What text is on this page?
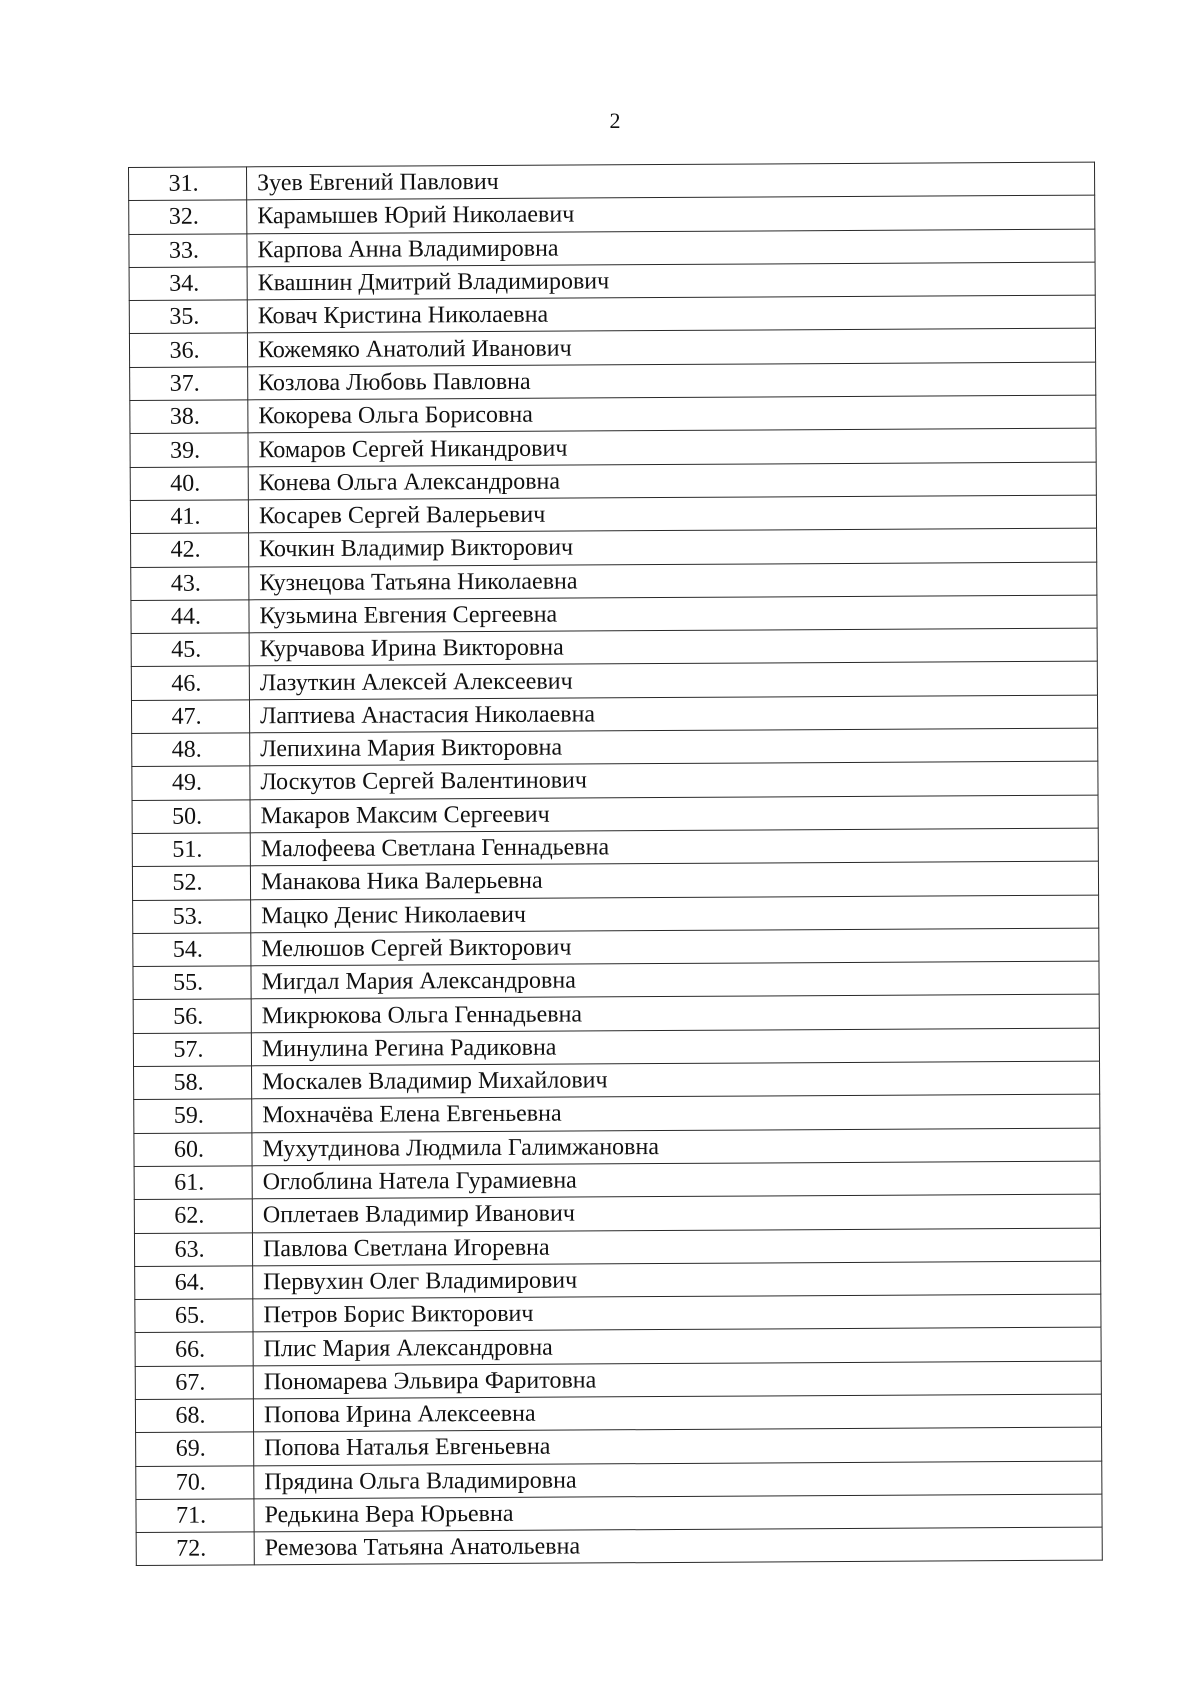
2
31.	Зуев Евгений Павлович
32.	Карамышев Юрий Николаевич
33.	Карпова Анна Владимировна
34.	Квашнин Дмитрий Владимирович
35.	Ковач Кристина Николаевна
36.	Кожемяко Анатолий Иванович
37.	Козлова Любовь Павловна
38.	Кокорева Ольга Борисовна
39.	Комаров Сергей Никандрович
40.	Конева Ольга Александровна
41.	Косарев Сергей Валерьевич
42.	Кочкин Владимир Викторович
43.	Кузнецова Татьяна Николаевна
44.	Кузьмина Евгения Сергеевна
45.	Курчавова Ирина Викторовна
46.	Лазуткин Алексей Алексеевич
47.	Лаптиева Анастасия Николаевна
48.	Лепихина Мария Викторовна
49.	Лоскутов Сергей Валентинович
50.	Макаров Максим Сергеевич
51.	Малофеева Светлана Геннадьевна
52.	Манакова Ника Валерьевна
53.	Мацко Денис Николаевич
54.	Мелюшов Сергей Викторович
55.	Мигдал Мария Александровна
56.	Микрюкова Ольга Геннадьевна
57.	Минулина Регина Радиковна
58.	Москалев Владимир Михайлович
59.	Мохначёва Елена Евгеньевна
60.	Мухутдинова Людмила Галимжановна
61.	Оглоблина Натела Гурамиевна
62.	Оплетаев Владимир Иванович
63.	Павлова Светлана Игоревна
64.	Первухин Олег Владимирович
65.	Петров Борис Викторович
66.	Плис Мария Александровна
67.	Пономарева Эльвира Фаритовна
68.	Попова Ирина Алексеевна
69.	Попова Наталья Евгеньевна
70.	Прядина Ольга Владимировна
71.	Редькина Вера Юрьевна
72.	Ремезова Татьяна Анатольевна
